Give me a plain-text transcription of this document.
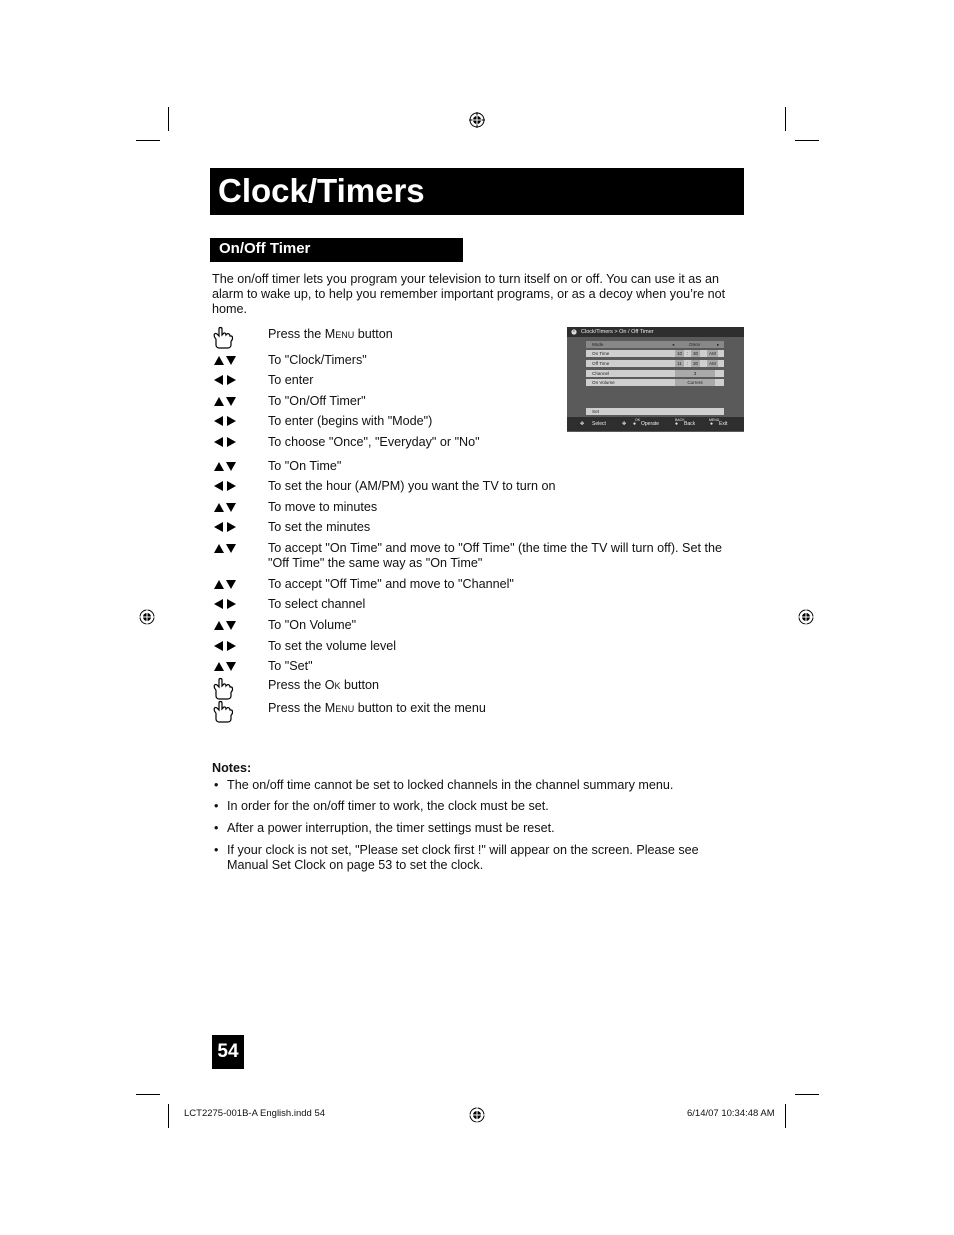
Clock/Timers
On/Off Timer
The on/off timer lets you program your television to turn itself on or off. You can use it as an alarm to wake up, to help you remember important programs, or as a decoy when you’re not home.
Clock/Timers > On / Off Timer
Mode	◂	Once	▸
On Time	10	:	30	AM
Off Time	11	:	30	AM
Channel	3
On Volume	Current
Set
✥ Select	✥
OK
● Operate
BACK
● Back
MENU
● Exit
Press the Menu button
To "Clock/Timers"
To enter
To "On/Off Timer"
To enter (begins with "Mode")
To choose "Once", "Everyday" or "No"
To "On Time"
To set the hour (AM/PM) you want the TV to turn on
To move to minutes
To set the minutes
To accept "On Time" and move to "Off Time" (the time the TV will turn off). Set the "Off Time" the same way as "On Time"
To accept "Off Time" and move to "Channel"
To select channel
To "On Volume"
To set the volume level
To "Set"
Press the Ok button
Press the Menu button to exit the menu
Notes:
• The on/off time cannot be set to locked channels in the channel summary menu.
• In order for the on/off timer to work, the clock must be set.
• After a power interruption, the timer settings must be reset.
• If your clock is not set, "Please set clock first !" will appear on the screen. Please see Manual Set Clock on page 53 to set the clock.
54
LCT2275-001B-A English.indd 54	6/14/07 10:34:48 AM
